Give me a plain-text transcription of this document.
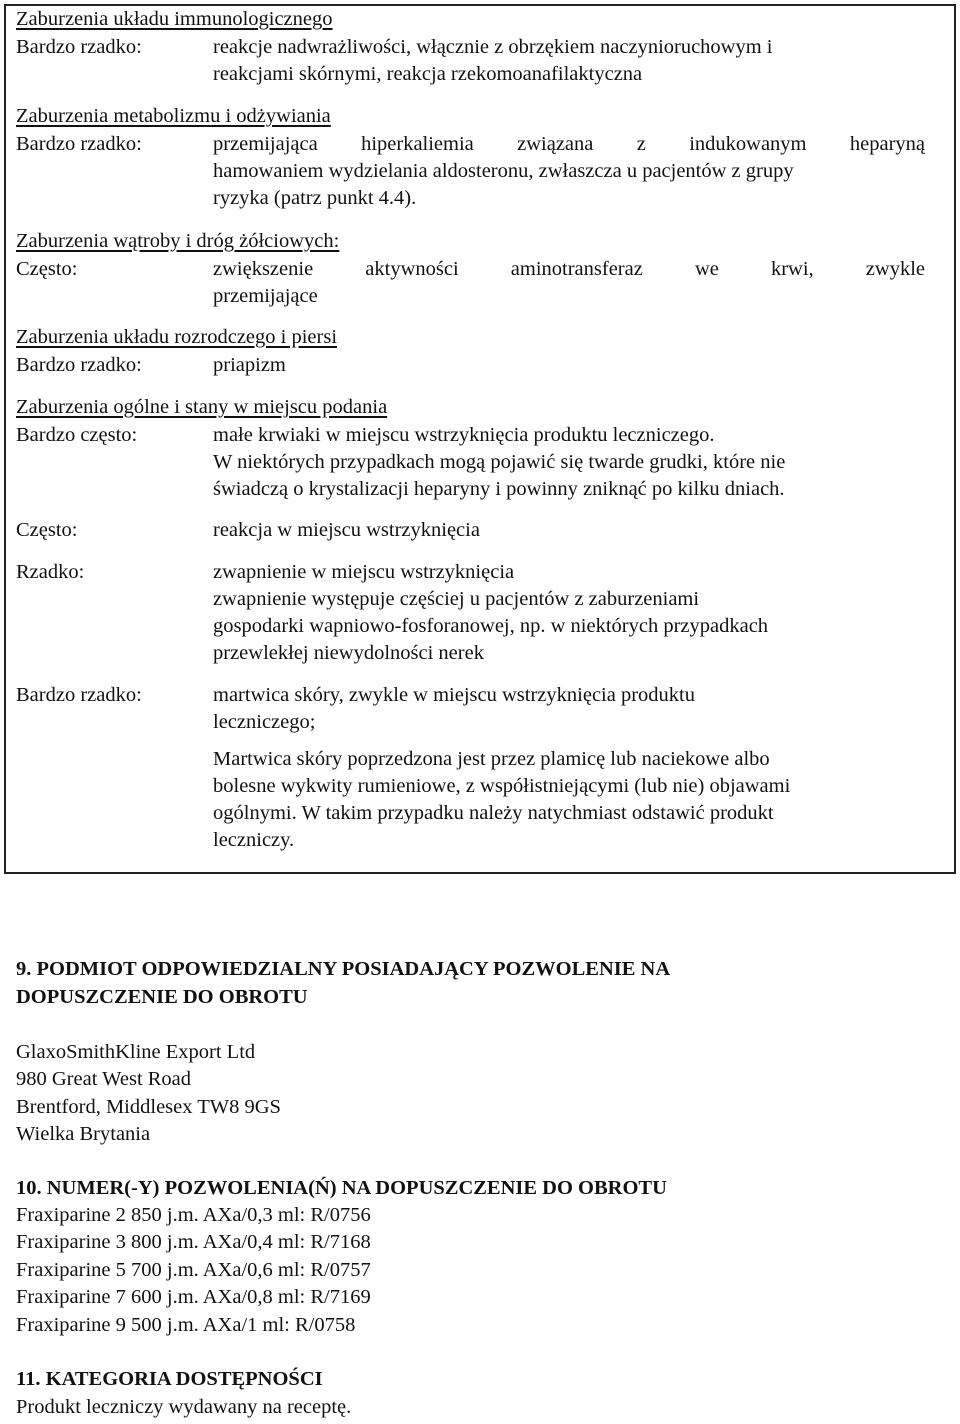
Zaburzenia układu immunologicznego
Bardzo rzadko:	reakcje nadwrażliwości, włącznie z obrzękiem naczynioruchowym i
reakcjami skórnymi, reakcja rzekomoanafilaktyczna
Zaburzenia metabolizmu i odżywiania
Bardzo rzadko:	przemijająca hiperkaliemia związana z indukowanym heparyną
hamowaniem wydzielania aldosteronu, zwłaszcza u pacjentów z grupy
ryzyka (patrz punkt 4.4).
Zaburzenia wątroby i dróg żółciowych:
Często:	zwiększenie aktywności aminotransferaz we krwi, zwykle
przemijające
Zaburzenia układu rozrodczego i piersi
Bardzo rzadko:	priapizm
Zaburzenia ogólne i stany w miejscu podania
Bardzo często:	małe krwiaki w miejscu wstrzyknięcia produktu leczniczego.
W niektórych przypadkach mogą pojawić się twarde grudki, które nie
świadczą o krystalizacji heparyny i powinny zniknąć po kilku dniach.
Często:	reakcja w miejscu wstrzyknięcia
Rzadko:	zwapnienie w miejscu wstrzyknięcia
zwapnienie występuje częściej u pacjentów z zaburzeniami
gospodarki wapniowo-fosforanowej, np. w niektórych przypadkach
przewlekłej niewydolności nerek
Bardzo rzadko:	martwica skóry, zwykle w miejscu wstrzyknięcia produktu
leczniczego;
Martwica skóry poprzedzona jest przez plamicę lub naciekowe albo
bolesne wykwity rumieniowe, z współistniejącymi (lub nie) objawami
ogólnymi. W takim przypadku należy natychmiast odstawić produkt
leczniczy.
9. PODMIOT ODPOWIEDZIALNY POSIADAJĄCY POZWOLENIE NA
DOPUSZCZENIE DO OBROTU
GlaxoSmithKline Export Ltd
980 Great West Road
Brentford, Middlesex TW8 9GS
Wielka Brytania
10. NUMER(-Y) POZWOLENIA(Ń) NA DOPUSZCZENIE DO OBROTU
Fraxiparine 2 850 j.m. AXa/0,3 ml: R/0756
Fraxiparine 3 800 j.m. AXa/0,4 ml: R/7168
Fraxiparine 5 700 j.m. AXa/0,6 ml: R/0757
Fraxiparine 7 600 j.m. AXa/0,8 ml: R/7169
Fraxiparine 9 500 j.m. AXa/1 ml: R/0758
11. KATEGORIA DOSTĘPNOŚCI
Produkt leczniczy wydawany na receptę.
